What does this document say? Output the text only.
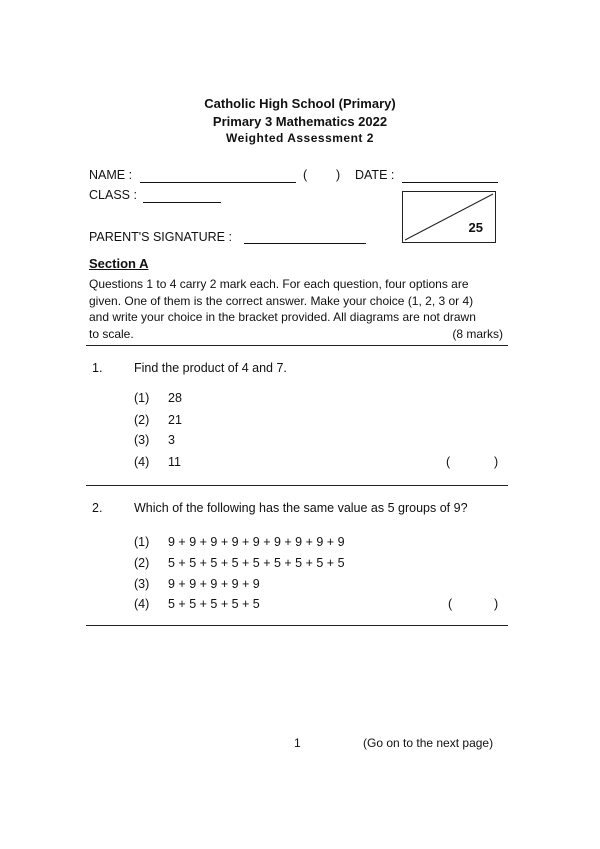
Catholic High School (Primary)
Primary 3 Mathematics 2022
Weighted Assessment 2
NAME :	( ) DATE :
CLASS :
PARENT'S SIGNATURE :
25
Section A
Questions 1 to 4 carry 2 mark each. For each question, four options are
given. One of them is the correct answer. Make your choice (1, 2, 3 or 4)
and write your choice in the bracket provided. All diagrams are not drawn
to scale.	(8 marks)
1.	Find the product of 4 and 7.
(1)	28
(2)	21
(3)	3
(4)	11	(	)
2.	Which of the following has the same value as 5 groups of 9?
(1)	9 + 9 + 9 + 9 + 9 + 9 + 9 + 9 + 9
(2)	5 + 5 + 5 + 5 + 5 + 5 + 5 + 5 + 5
(3)	9 + 9 + 9 + 9 + 9
(4)	5 + 5 + 5 + 5 + 5	(	)
1	(Go on to the next page)
